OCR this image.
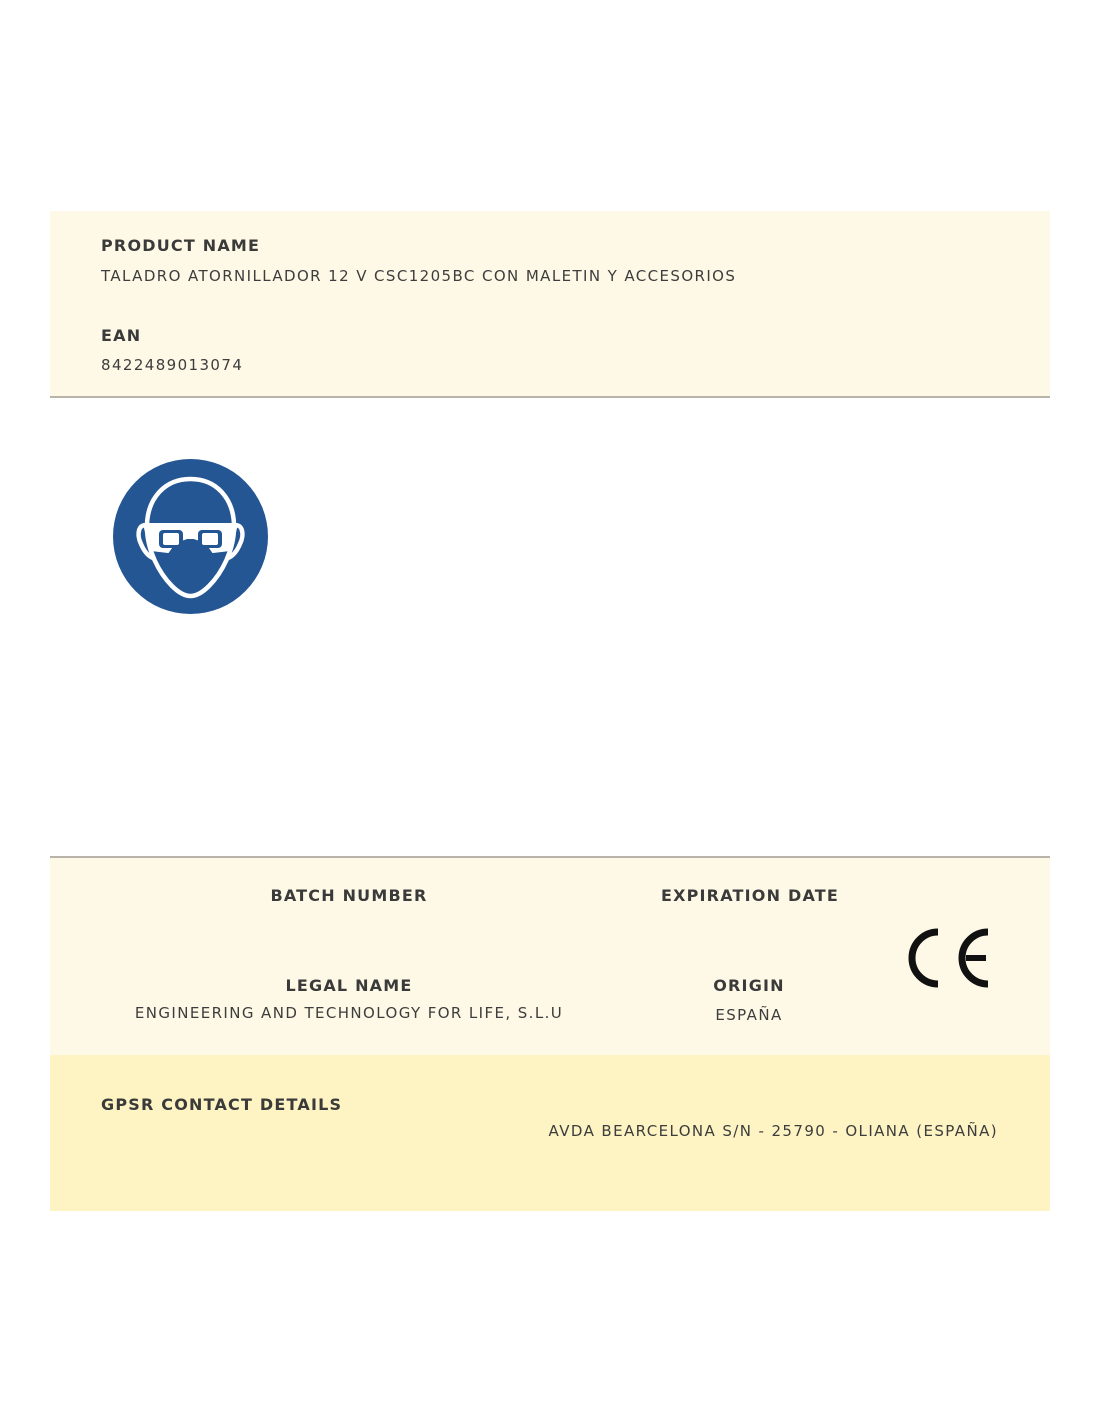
PRODUCT NAME
TALADRO ATORNILLADOR 12 V CSC1205BC CON MALETIN Y ACCESORIOS
EAN
8422489013074
BATCH NUMBER	EXPIRATION DATE
LEGAL NAME
ENGINEERING AND TECHNOLOGY FOR LIFE, S.L.U
ORIGIN
ESPAÑA
GPSR CONTACT DETAILS
AVDA BEARCELONA S/N - 25790 - OLIANA (ESPAÑA)
